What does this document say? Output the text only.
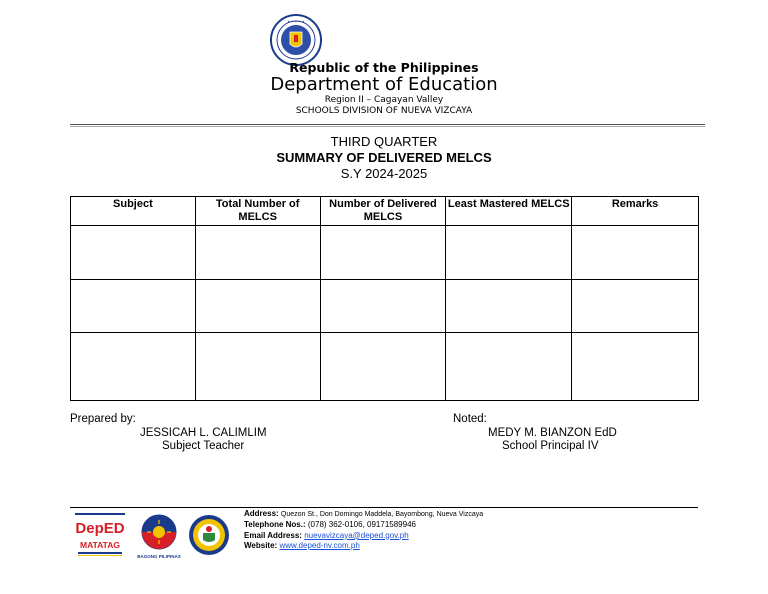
• • • • •
Republic of the Philippines
Department of Education
Region II – Cagayan Valley
SCHOOLS DIVISION OF NUEVA VIZCAYA
THIRD QUARTER
SUMMARY OF DELIVERED MELCS
S.Y 2024-2025
Subject	Total Number of MELCS	Number of Delivered MELCS	Least Mastered MELCS	Remarks

Prepared by:
JESSICAH L. CALIMLIM
Subject Teacher
Noted:
MEDY M. BIANZON EdD
School Principal IV
DepED
MATATAG
BAGONG PILIPINAS
Address: Quezon St., Don Domingo Maddela, Bayombong, Nueva Vizcaya
Telephone Nos.: (078) 362-0106, 09171589946
Email Address: nuevavizcaya@deped.gov.ph
Website: www.deped-nv.com.ph
